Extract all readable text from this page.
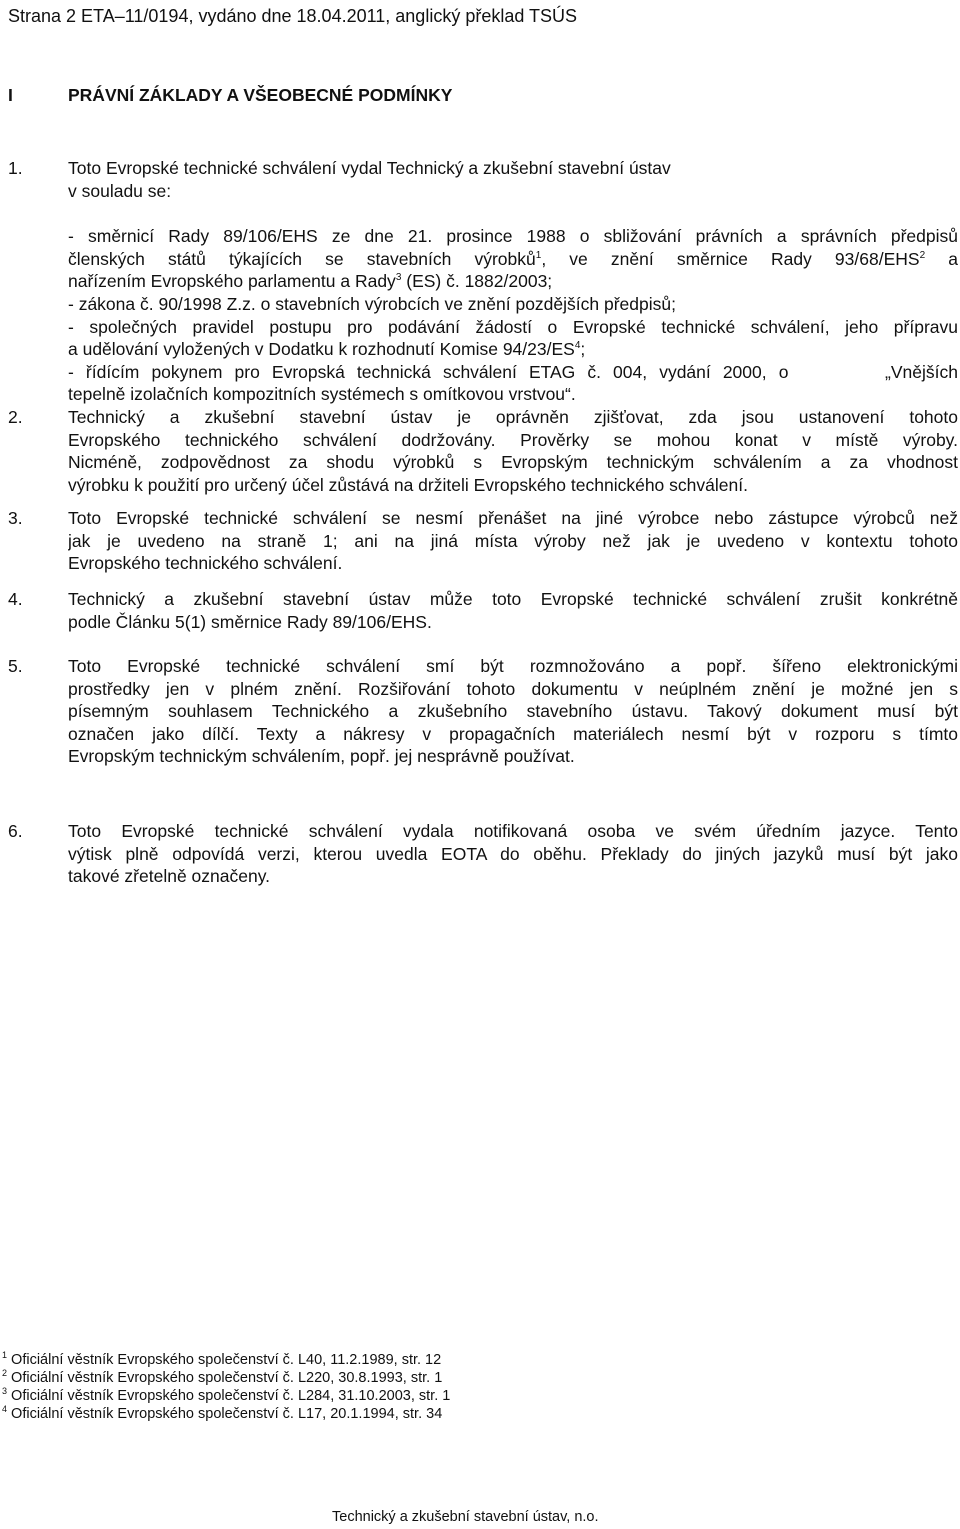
Strana 2 ETA–11/0194, vydáno dne 18.04.2011, anglický překlad TSÚS
I	PRÁVNÍ ZÁKLADY A VŠEOBECNÉ PODMÍNKY
1.	Toto Evropské technické schválení vydal Technický a zkušební stavební ústav
v souladu se:
- směrnicí Rady 89/106/EHS ze dne 21. prosince 1988 o sbližování právních a správních předpisů
členských států týkajících se stavebních výrobků$^1$, ve znění směrnice Rady 93/68/EHS$^2$ a
nařízením Evropského parlamentu a Rady$^3$ (ES) č. 1882/2003;
- zákona č. 90/1998 Z.z. o stavebních výrobcích ve znění pozdějších předpisů;
- společných pravidel postupu pro podávání žádostí o Evropské technické schválení, jeho přípravu
a udělování vyložených v Dodatku k rozhodnutí Komise $94/23/ES^4$;
- řídícím pokynem pro Evropská technická schválení ETAG č. 004, vydání 2000, o        „Vnějších
tepelně izolačních kompozitních systémech s omítkovou vrstvou“.
2.	Technický a zkušební stavební ústav je oprávněn zjišťovat, zda jsou ustanovení tohoto
Evropského technického schválení dodržovány. Prověrky se mohou konat v místě výroby.
Nicméně, zodpovědnost za shodu výrobků s Evropským technickým schválením a za vhodnost
výrobku k použití pro určený účel zůstává na držiteli Evropského technického schválení.
3.	Toto Evropské technické schválení se nesmí přenášet na jiné výrobce nebo zástupce výrobců než
jak je uvedeno na straně 1; ani na jiná místa výroby než jak je uvedeno v kontextu tohoto
Evropského technického schválení.
4.	Technický a zkušební stavební ústav může toto Evropské technické schválení zrušit konkrétně
podle Článku 5(1) směrnice Rady 89/106/EHS.
5.	Toto Evropské technické schválení smí být rozmnožováno a popř. šířeno elektronickými
prostředky jen v plném znění. Rozšiřování tohoto dokumentu v neúplném znění je možné jen s
písemným souhlasem Technického a zkušebního stavebního ústavu. Takový dokument musí být
označen jako dílčí. Texty a nákresy v propagačních materiálech nesmí být v rozporu s tímto
Evropským technickým schválením, popř. jej nesprávně používat.
6.	Toto Evropské technické schválení vydala notifikovaná osoba ve svém úředním jazyce. Tento
výtisk plně odpovídá verzi, kterou uvedla EOTA do oběhu. Překlady do jiných jazyků musí být jako
takové zřetelně označeny.
$^1$ Oficiální věstník Evropského společenství č. L40, 11.2.1989, str. 12
$^2$ Oficiální věstník Evropského společenství č. L220, 30.8.1993, str. 1
$^3$ Oficiální věstník Evropského společenství č. L284, 31.10.2003, str. 1
$^4$ Oficiální věstník Evropského společenství č. L17, 20.1.1994, str. 34
Technický a zkušební stavební ústav, n.o.
